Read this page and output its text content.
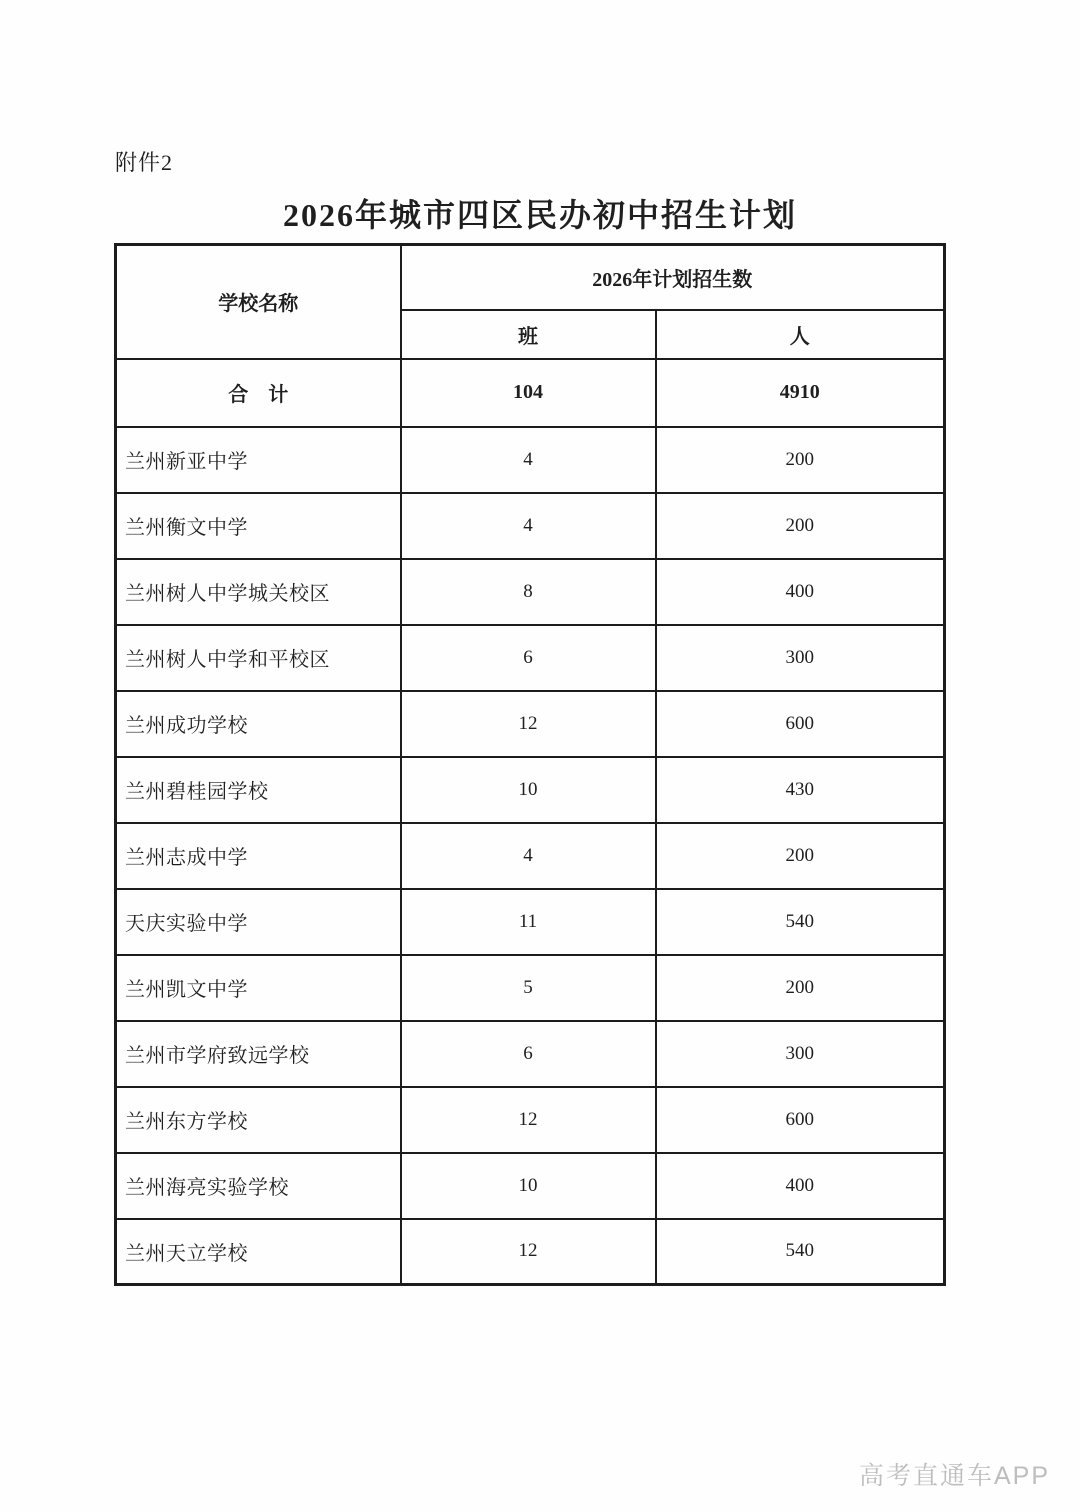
附件2
2026年城市四区民办初中招生计划
学校名称	2026年计划招生数	
	班	人
合　计	104	4910
兰州新亚中学	4	200
兰州衡文中学	4	200
兰州树人中学城关校区	8	400
兰州树人中学和平校区	6	300
兰州成功学校	12	600
兰州碧桂园学校	10	430
兰州志成中学	4	200
天庆实验中学	11	540
兰州凯文中学	5	200
兰州市学府致远学校	6	300
兰州东方学校	12	600
兰州海亮实验学校	10	400
兰州天立学校	12	540
高考直通车APP
